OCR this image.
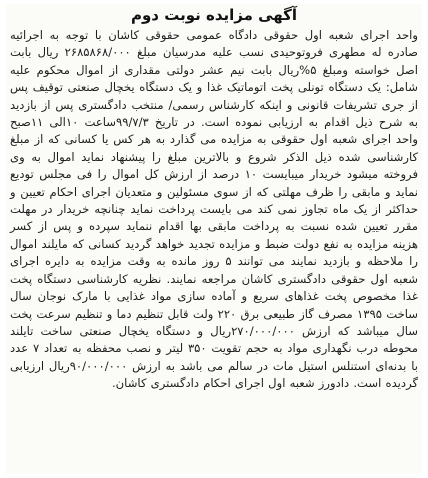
آگهی مزایده نوبت دوم

واحد اجرای شعبه اول حقوقی دادگاه عمومی حقوقی کاشان با توجه به اجرائیه صادره له مطهری فروتوحیدی نسب علیه مدرسیان مبلغ ۲۶۸۵۸۶۸/۰۰۰ ریال بابت اصل خواسته ومبلغ ۵%ریال بابت نیم عشر دولتی مقداری از اموال محکوم علیه شامل: یک دستگاه تونلی پخت اتوماتیک غذا و یک دستگاه یخچال صنعتی توقیف پس از جری تشریفات قانونی و اینکه کارشناس رسمی/ منتخب دادگستری پس از بازدید به شرح ذیل اقدام به ارزیابی نموده است. در تاریخ ۹۹/۷/۳ساعت ۱۰الی ۱۱صبح واحد اجرای شعبه اول حقوقی به مزایده می گذارد به هر کس یا کسانی که از مبلغ کارشناسی شده ذیل الذکر شروع و بالاترین مبلغ را پیشنهاد نماید اموال به وی فروخته میشود خریدار میبایست ۱۰ درصد از ارزش کل اموال را فی مجلس تودیع نماید و مابقی را ظرف مهلتی که از سوی مسئولین و متعدیان اجرای احکام تعیین و حداکثر از یک ماه تجاوز نمی کند می بایست پرداخت نماید چنانچه خریدار در مهلت مقرر تعیین شده نسبت به پرداخت مابقی بها اقدام ننماید سپرده و پس از کسر هزینه مزایده به نفع دولت ضبط و مزایده تجدید خواهد گردید کسانی که مایلند اموال را ملاحظه و بازدید نمایند می توانند ۵ روز مانده به وقت مزایده به دایره اجرای شعبه اول حقوقی دادگستری کاشان مراجعه نمایند. نظریه کارشناسی دستگاه پخت غذا مخصوص پخت غذاهای سریع و آماده سازی مواد غذایی با مارک نوجان سال ساخت ۱۳۹۵ مصرف گاز طبیعی برق ۲۲۰ ولت قابل تنظیم دما و تنظیم سرعت پخت سال میباشد که ارزش ۲۷۰/۰۰۰/۰۰۰ریال و دستگاه یخچال صنعتی ساخت تایلند محوطه درب نگهداری مواد به حجم تقویت ۳۵۰ لیتر و نصب محفظه به تعداد ۷ عدد با بدنه‌ای استنلس استیل مات در سالم می باشد به ارزش ۹۰/۰۰۰/۰۰۰ریال ارزیابی گردیده است. دادورز شعبه اول اجرای احکام دادگستری کاشان.
